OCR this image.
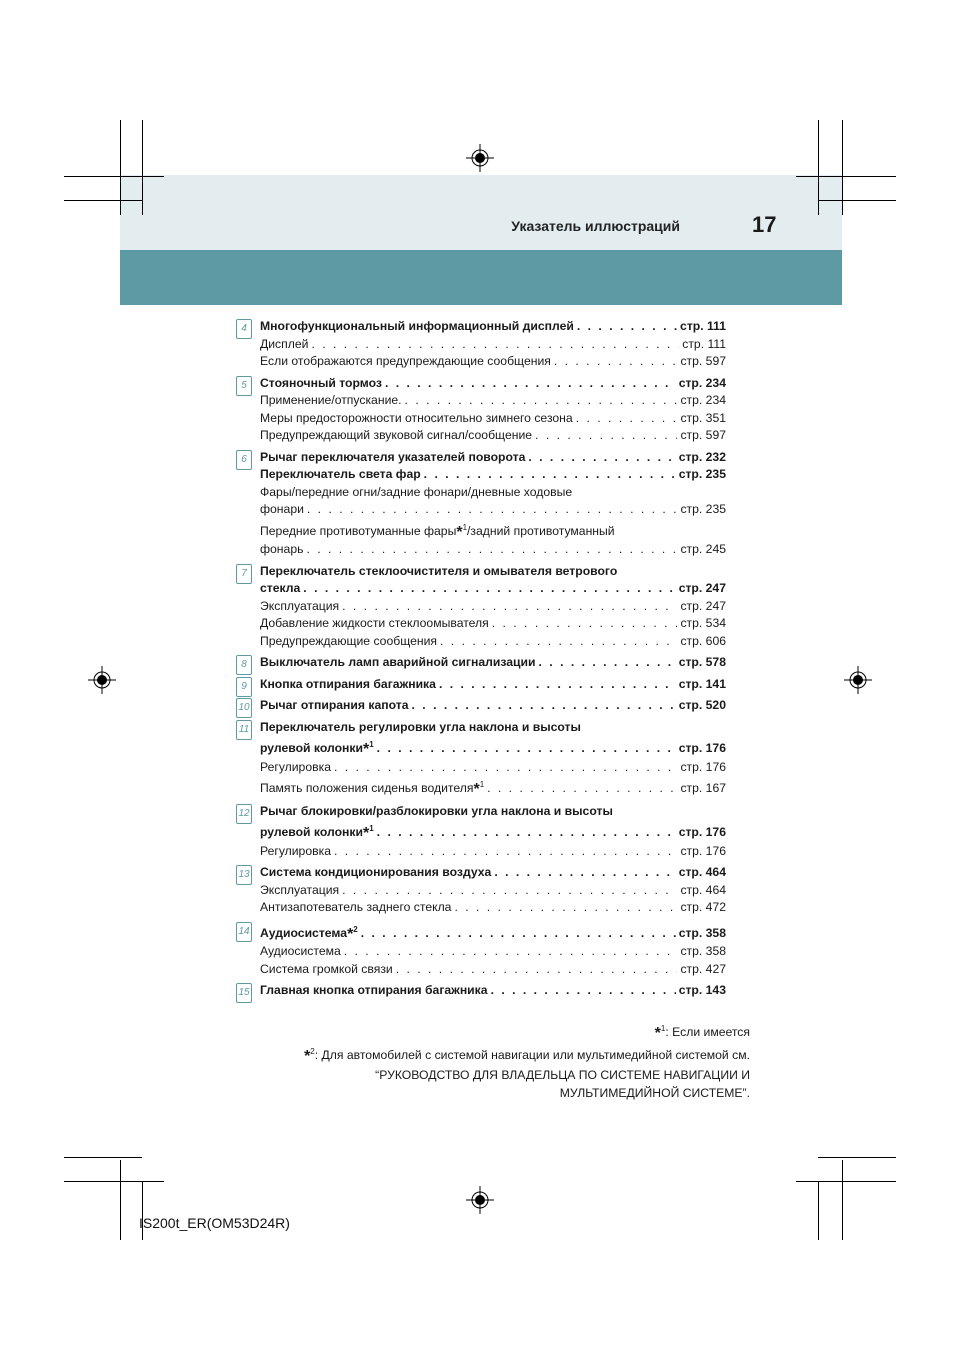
Указатель иллюстраций	17
4	Многофункциональный информационный дисплей . . .	стр. 111
Дисплей . . .	стр. 111
Если отображаются предупреждающие сообщения . . .	стр. 597
5	Стояночный тормоз . . .	стр. 234
Применение/отпускание. . . .	стр. 234
Меры предосторожности относительно зимнего сезона . . .	стр. 351
Предупреждающий звуковой сигнал/сообщение . . .	стр. 597
6	Рычаг переключателя указателей поворота . . .	стр. 232
Переключатель света фар . . .	стр. 235
Фары/передние огни/задние фонари/дневные ходовые
фонари . . .	стр. 235
Передние противотуманные фары*$^1$/задний противотуманный
фонарь . . .	стр. 245
7	Переключатель стеклоочистителя и омывателя ветрового
стекла . . .	стр. 247
Эксплуатация . . .	стр. 247
Добавление жидкости стеклоомывателя . . .	стр. 534
Предупреждающие сообщения . . .	стр. 606
8	Выключатель ламп аварийной сигнализации . . .	стр. 578
9	Кнопка отпирания багажника . . .	стр. 141
10 Рычаг отпирания капота . . .	стр. 520
11 Переключатель регулировки угла наклона и высоты
рулевой колонки*$^1$ . . .	стр. 176
Регулировка . . .	стр. 176
Память положения сиденья водителя*$^1$ . . .	стр. 167
12 Рычаг блокировки/разблокировки угла наклона и высоты
рулевой колонки*$^1$ . . .	стр. 176
Регулировка . . .	стр. 176
13 Система кондиционирования воздуха . . .	стр. 464
Эксплуатация . . .	стр. 464
Антизапотеватель заднего стекла . . .	стр. 472
14 Аудиосистема*$^2$ . . .	стр. 358
Аудиосистема . . .	стр. 358
Система громкой связи . . .	стр. 427
15 Главная кнопка отпирания багажника . . .	стр. 143
*$^1$: Если имеется
*$^2$: Для автомобилей с системой навигации или мультимедийной системой см.
“РУКОВОДСТВО ДЛЯ ВЛАДЕЛЬЦА ПО СИСТЕМЕ НАВИГАЦИИ И
МУЛЬТИМЕДИЙНОЙ СИСТЕМЕ”.
IS200t_ER(OM53D24R)
